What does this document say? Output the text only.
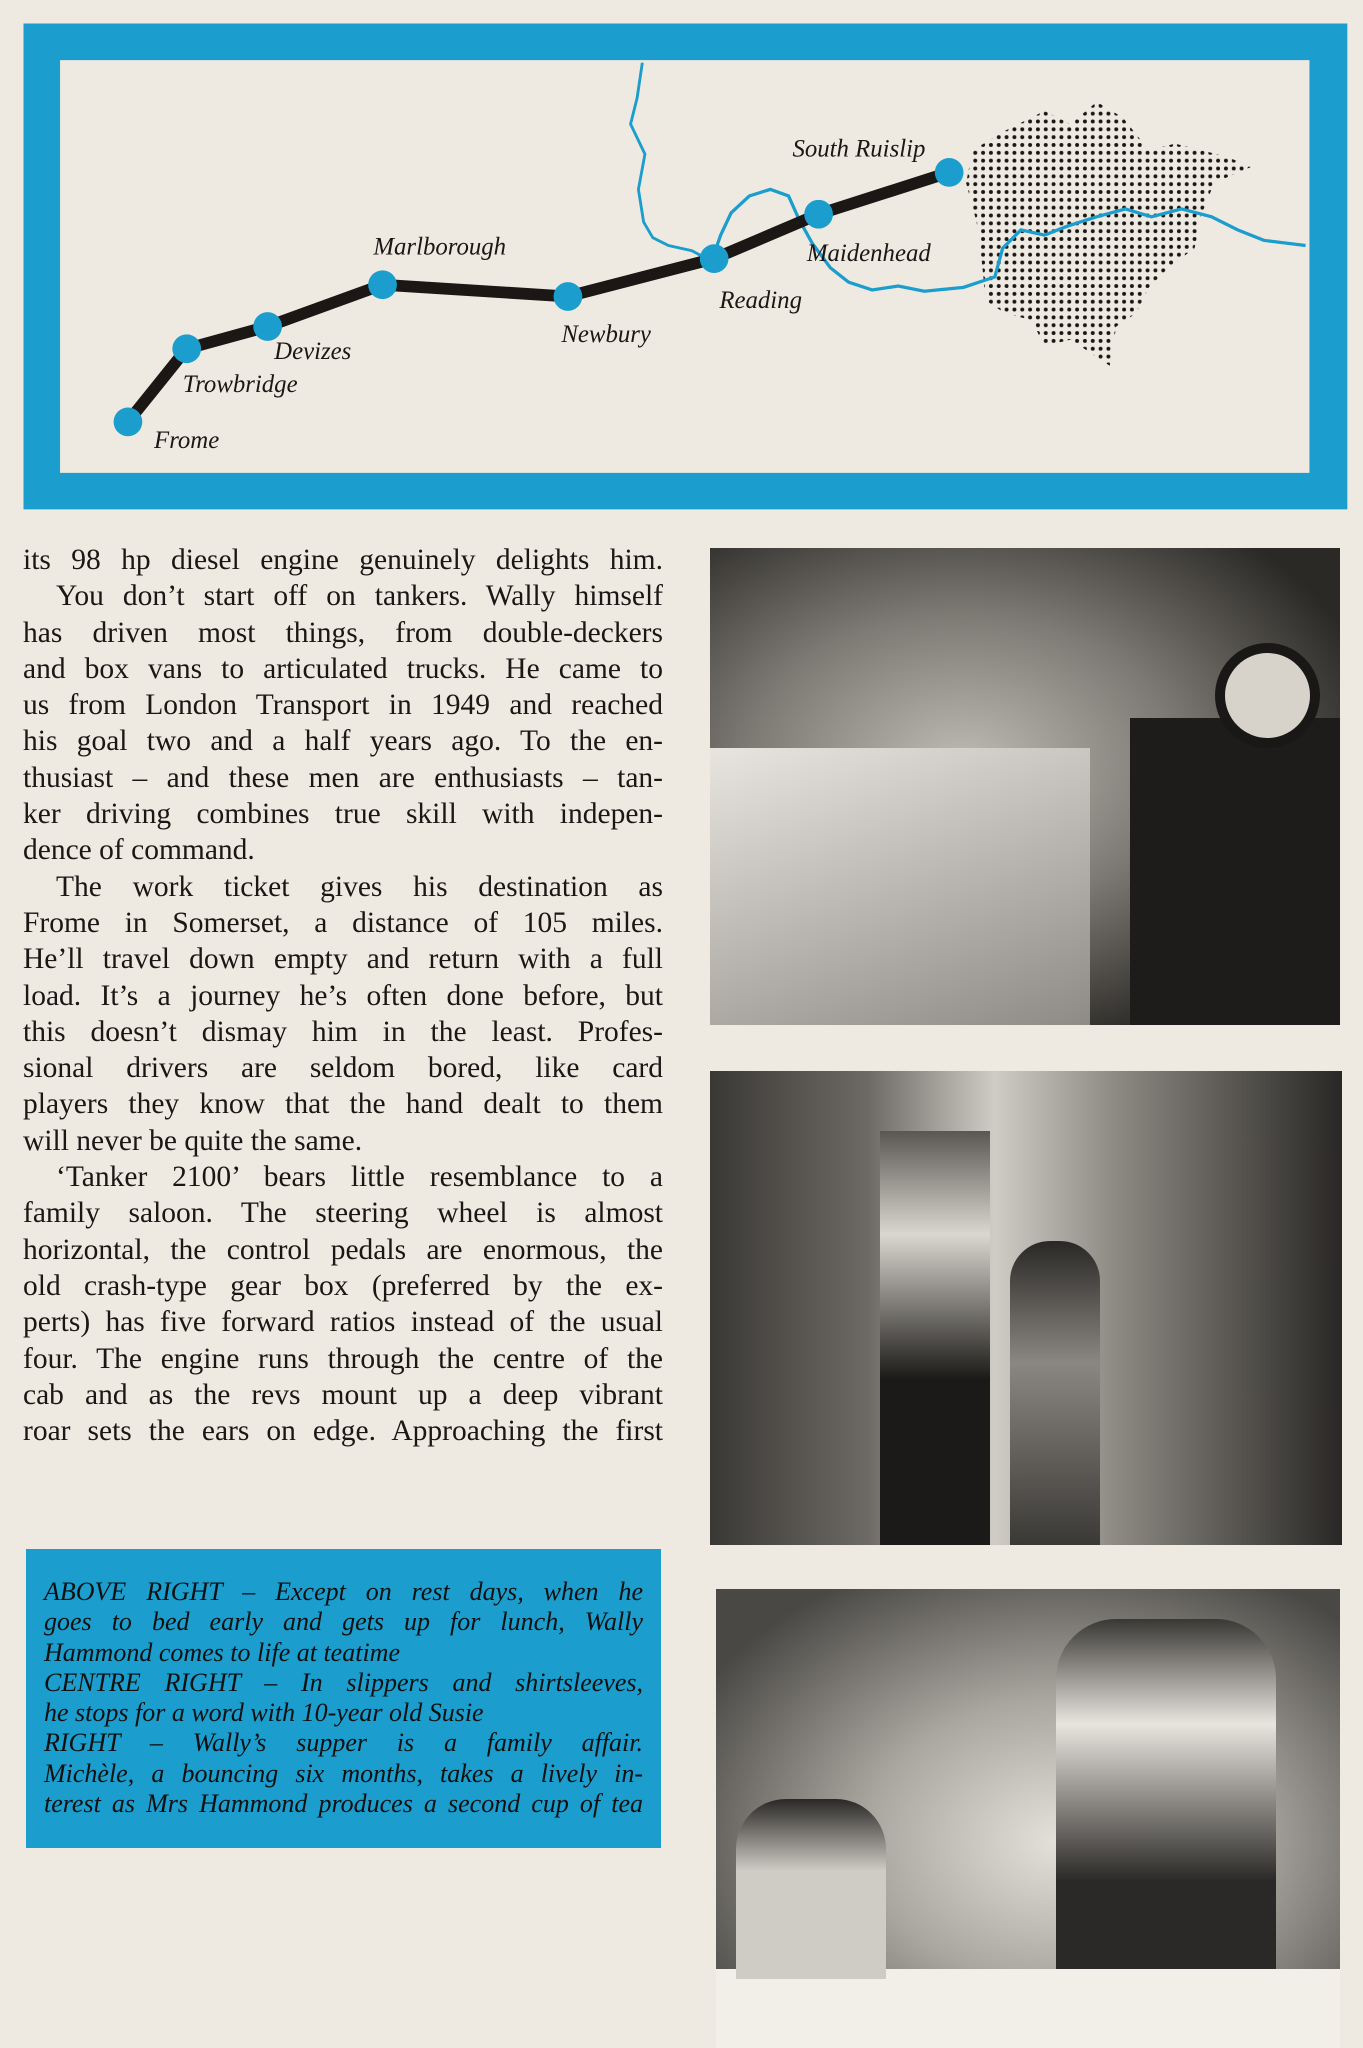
Frome
Trowbridge
Devizes
Marlborough
Newbury
Reading
Maidenhead
South Ruislip
its 98 hp diesel engine genuinely delights him.
You don’t start off on tankers. Wally himself
has driven most things, from double-deckers
and box vans to articulated trucks. He came to
us from London Transport in 1949 and reached
his goal two and a half years ago. To the en-
thusiast – and these men are enthusiasts – tan-
ker driving combines true skill with indepen-
dence of command.
The work ticket gives his destination as
Frome in Somerset, a distance of 105 miles.
He’ll travel down empty and return with a full
load. It’s a journey he’s often done before, but
this doesn’t dismay him in the least. Profes-
sional drivers are seldom bored, like card
players they know that the hand dealt to them
will never be quite the same.
‘Tanker 2100’ bears little resemblance to a
family saloon. The steering wheel is almost
horizontal, the control pedals are enormous, the
old crash-type gear box (preferred by the ex-
perts) has five forward ratios instead of the usual
four. The engine runs through the centre of the
cab and as the revs mount up a deep vibrant
roar sets the ears on edge. Approaching the first
ABOVE RIGHT – Except on rest days, when he
goes to bed early and gets up for lunch, Wally
Hammond comes to life at teatime
CENTRE RIGHT – In slippers and shirtsleeves,
he stops for a word with 10-year old Susie
RIGHT – Wally’s supper is a family affair.
Michèle, a bouncing six months, takes a lively in-
terest as Mrs Hammond produces a second cup of tea
